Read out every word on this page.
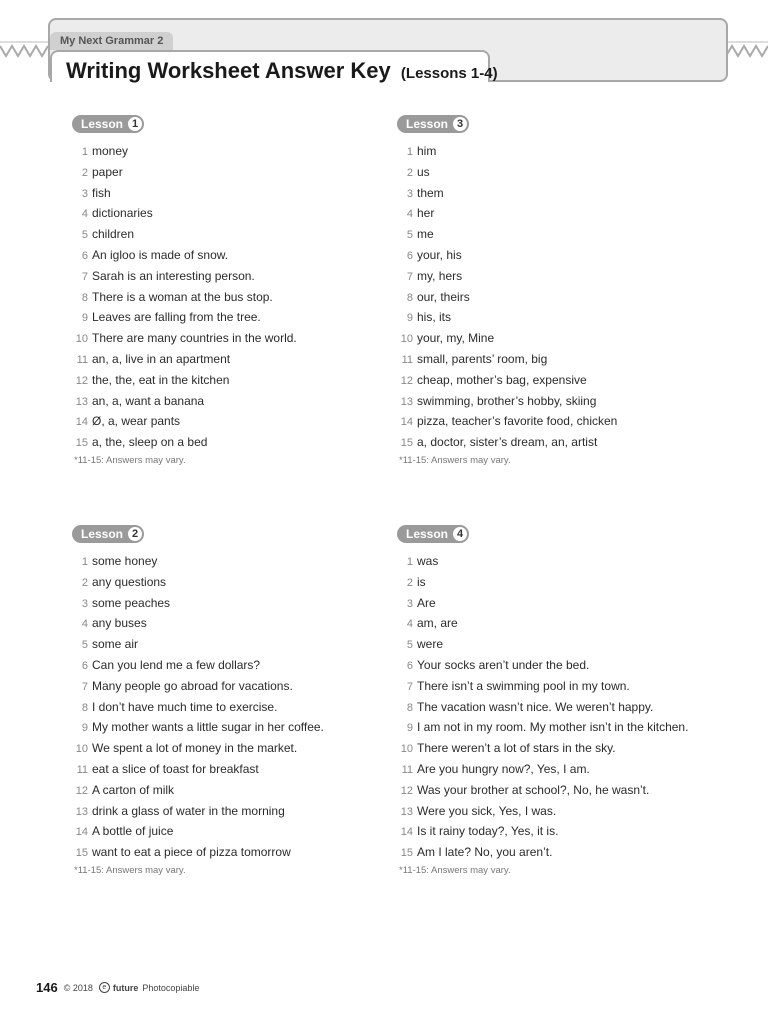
My Next Grammar 2
Writing Worksheet Answer Key (Lessons 1-4)
Lesson 1
1 money
2 paper
3 fish
4 dictionaries
5 children
6 An igloo is made of snow.
7 Sarah is an interesting person.
8 There is a woman at the bus stop.
9 Leaves are falling from the tree.
10 There are many countries in the world.
11 an, a, live in an apartment
12 the, the, eat in the kitchen
13 an, a, want a banana
14 Ø, a, wear pants
15 a, the, sleep on a bed
*11-15: Answers may vary.
Lesson 3
1 him
2 us
3 them
4 her
5 me
6 your, his
7 my, hers
8 our, theirs
9 his, its
10 your, my, Mine
11 small, parents’ room, big
12 cheap, mother’s bag, expensive
13 swimming, brother’s hobby, skiing
14 pizza, teacher’s favorite food, chicken
15 a, doctor, sister’s dream, an, artist
*11-15: Answers may vary.
Lesson 2
1 some honey
2 any questions
3 some peaches
4 any buses
5 some air
6 Can you lend me a few dollars?
7 Many people go abroad for vacations.
8 I don’t have much time to exercise.
9 My mother wants a little sugar in her coffee.
10 We spent a lot of money in the market.
11 eat a slice of toast for breakfast
12 A carton of milk
13 drink a glass of water in the morning
14 A bottle of juice
15 want to eat a piece of pizza tomorrow
*11-15: Answers may vary.
Lesson 4
1 was
2 is
3 Are
4 am, are
5 were
6 Your socks aren’t under the bed.
7 There isn’t a swimming pool in my town.
8 The vacation wasn’t nice. We weren’t happy.
9 I am not in my room. My mother isn’t in the kitchen.
10 There weren’t a lot of stars in the sky.
11 Are you hungry now?, Yes, I am.
12 Was your brother at school?, No, he wasn’t.
13 Were you sick, Yes, I was.
14 Is it rainy today?, Yes, it is.
15 Am I late? No, you aren’t.
*11-15: Answers may vary.
146 © 2018	e future Photocopiable
